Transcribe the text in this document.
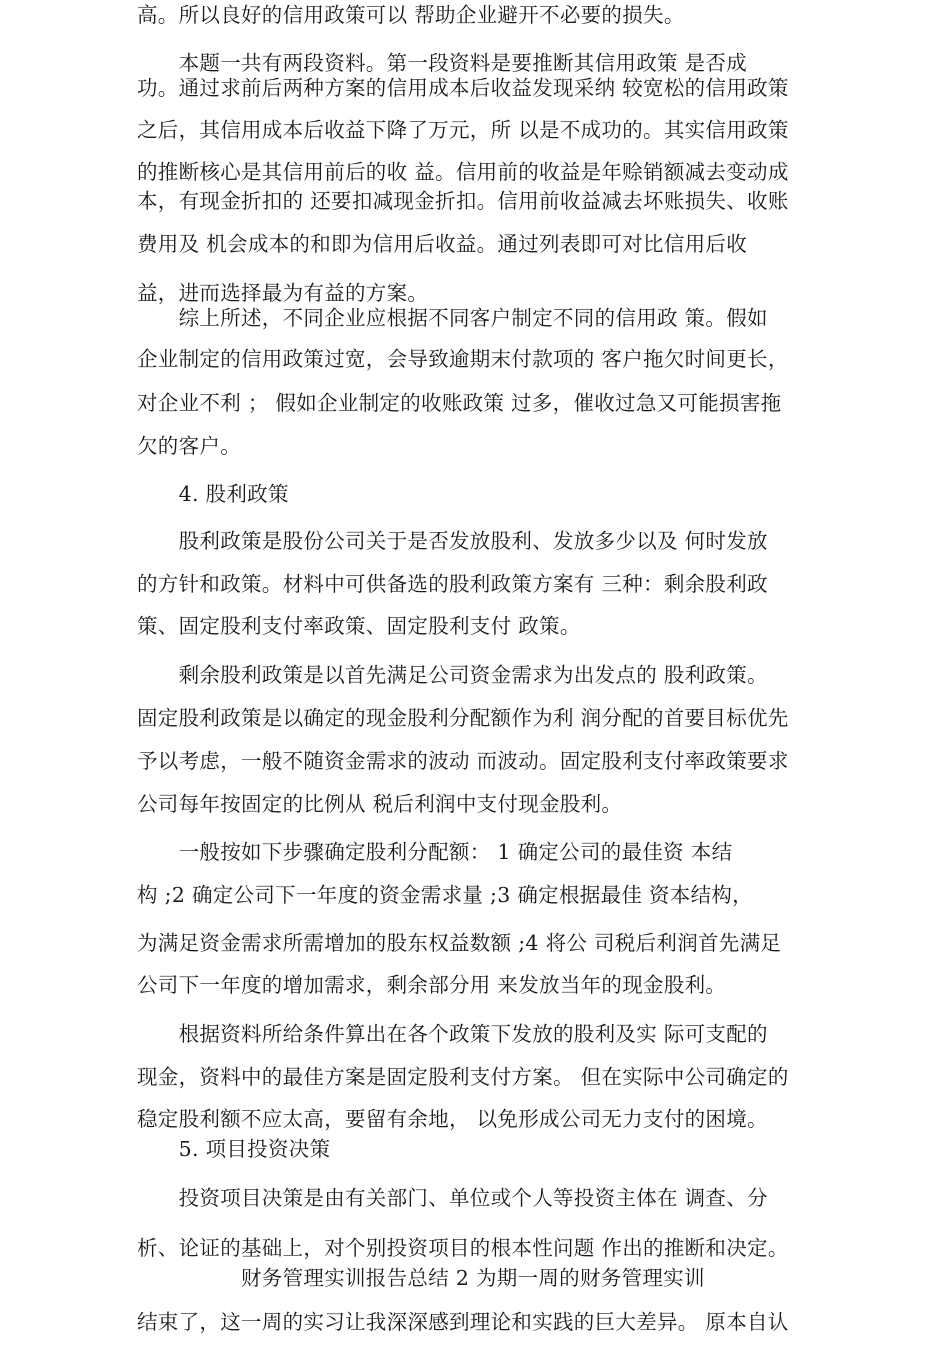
高。所以良好的信用政策可以 帮助企业避开不必要的损失。
　　本题一共有两段资料。第一段资料是要推断其信用政策 是否成
功。通过求前后两种方案的信用成本后收益发现采纳 较宽松的信用政策
之后，其信用成本后收益下降了万元，所 以是不成功的。其实信用政策
的推断核心是其信用前后的收 益。信用前的收益是年赊销额减去变动成
本，有现金折扣的 还要扣减现金折扣。信用前收益减去坏账损失、收账
费用及 机会成本的和即为信用后收益。通过列表即可对比信用后收
益，进而选择最为有益的方案。
　　综上所述，不同企业应根据不同客户制定不同的信用政 策。假如
企业制定的信用政策过宽，会导致逾期末付款项的 客户拖欠时间更长，
对企业不利 ； 假如企业制定的收账政策 过多，催收过急又可能损害拖
欠的客户。
　　4. 股利政策
　　股利政策是股份公司关于是否发放股利、发放多少以及 何时发放
的方针和政策。材料中可供备选的股利政策方案有 三种：剩余股利政
策、固定股利支付率政策、固定股利支付 政策。
　　剩余股利政策是以首先满足公司资金需求为出发点的 股利政策。
固定股利政策是以确定的现金股利分配额作为利 润分配的首要目标优先
予以考虑，一般不随资金需求的波动 而波动。固定股利支付率政策要求
公司每年按固定的比例从 税后利润中支付现金股利。
　　一般按如下步骤确定股利分配额： 1 确定公司的最佳资 本结
构 ;2 确定公司下一年度的资金需求量 ;3 确定根据最佳 资本结构，
为满足资金需求所需增加的股东权益数额 ;4 将公 司税后利润首先满足
公司下一年度的增加需求，剩余部分用 来发放当年的现金股利。
　　根据资料所给条件算出在各个政策下发放的股利及实 际可支配的
现金，资料中的最佳方案是固定股利支付方案。 但在实际中公司确定的
稳定股利额不应太高，要留有余地， 以免形成公司无力支付的困境。
　　5. 项目投资决策
　　投资项目决策是由有关部门、单位或个人等投资主体在 调查、分
析、论证的基础上，对个别投资项目的根本性问题 作出的推断和决定。
　　　　　财务管理实训报告总结 2 为期一周的财务管理实训
结束了，这一周的实习让我深深感到理论和实践的巨大差异。 原本自认
